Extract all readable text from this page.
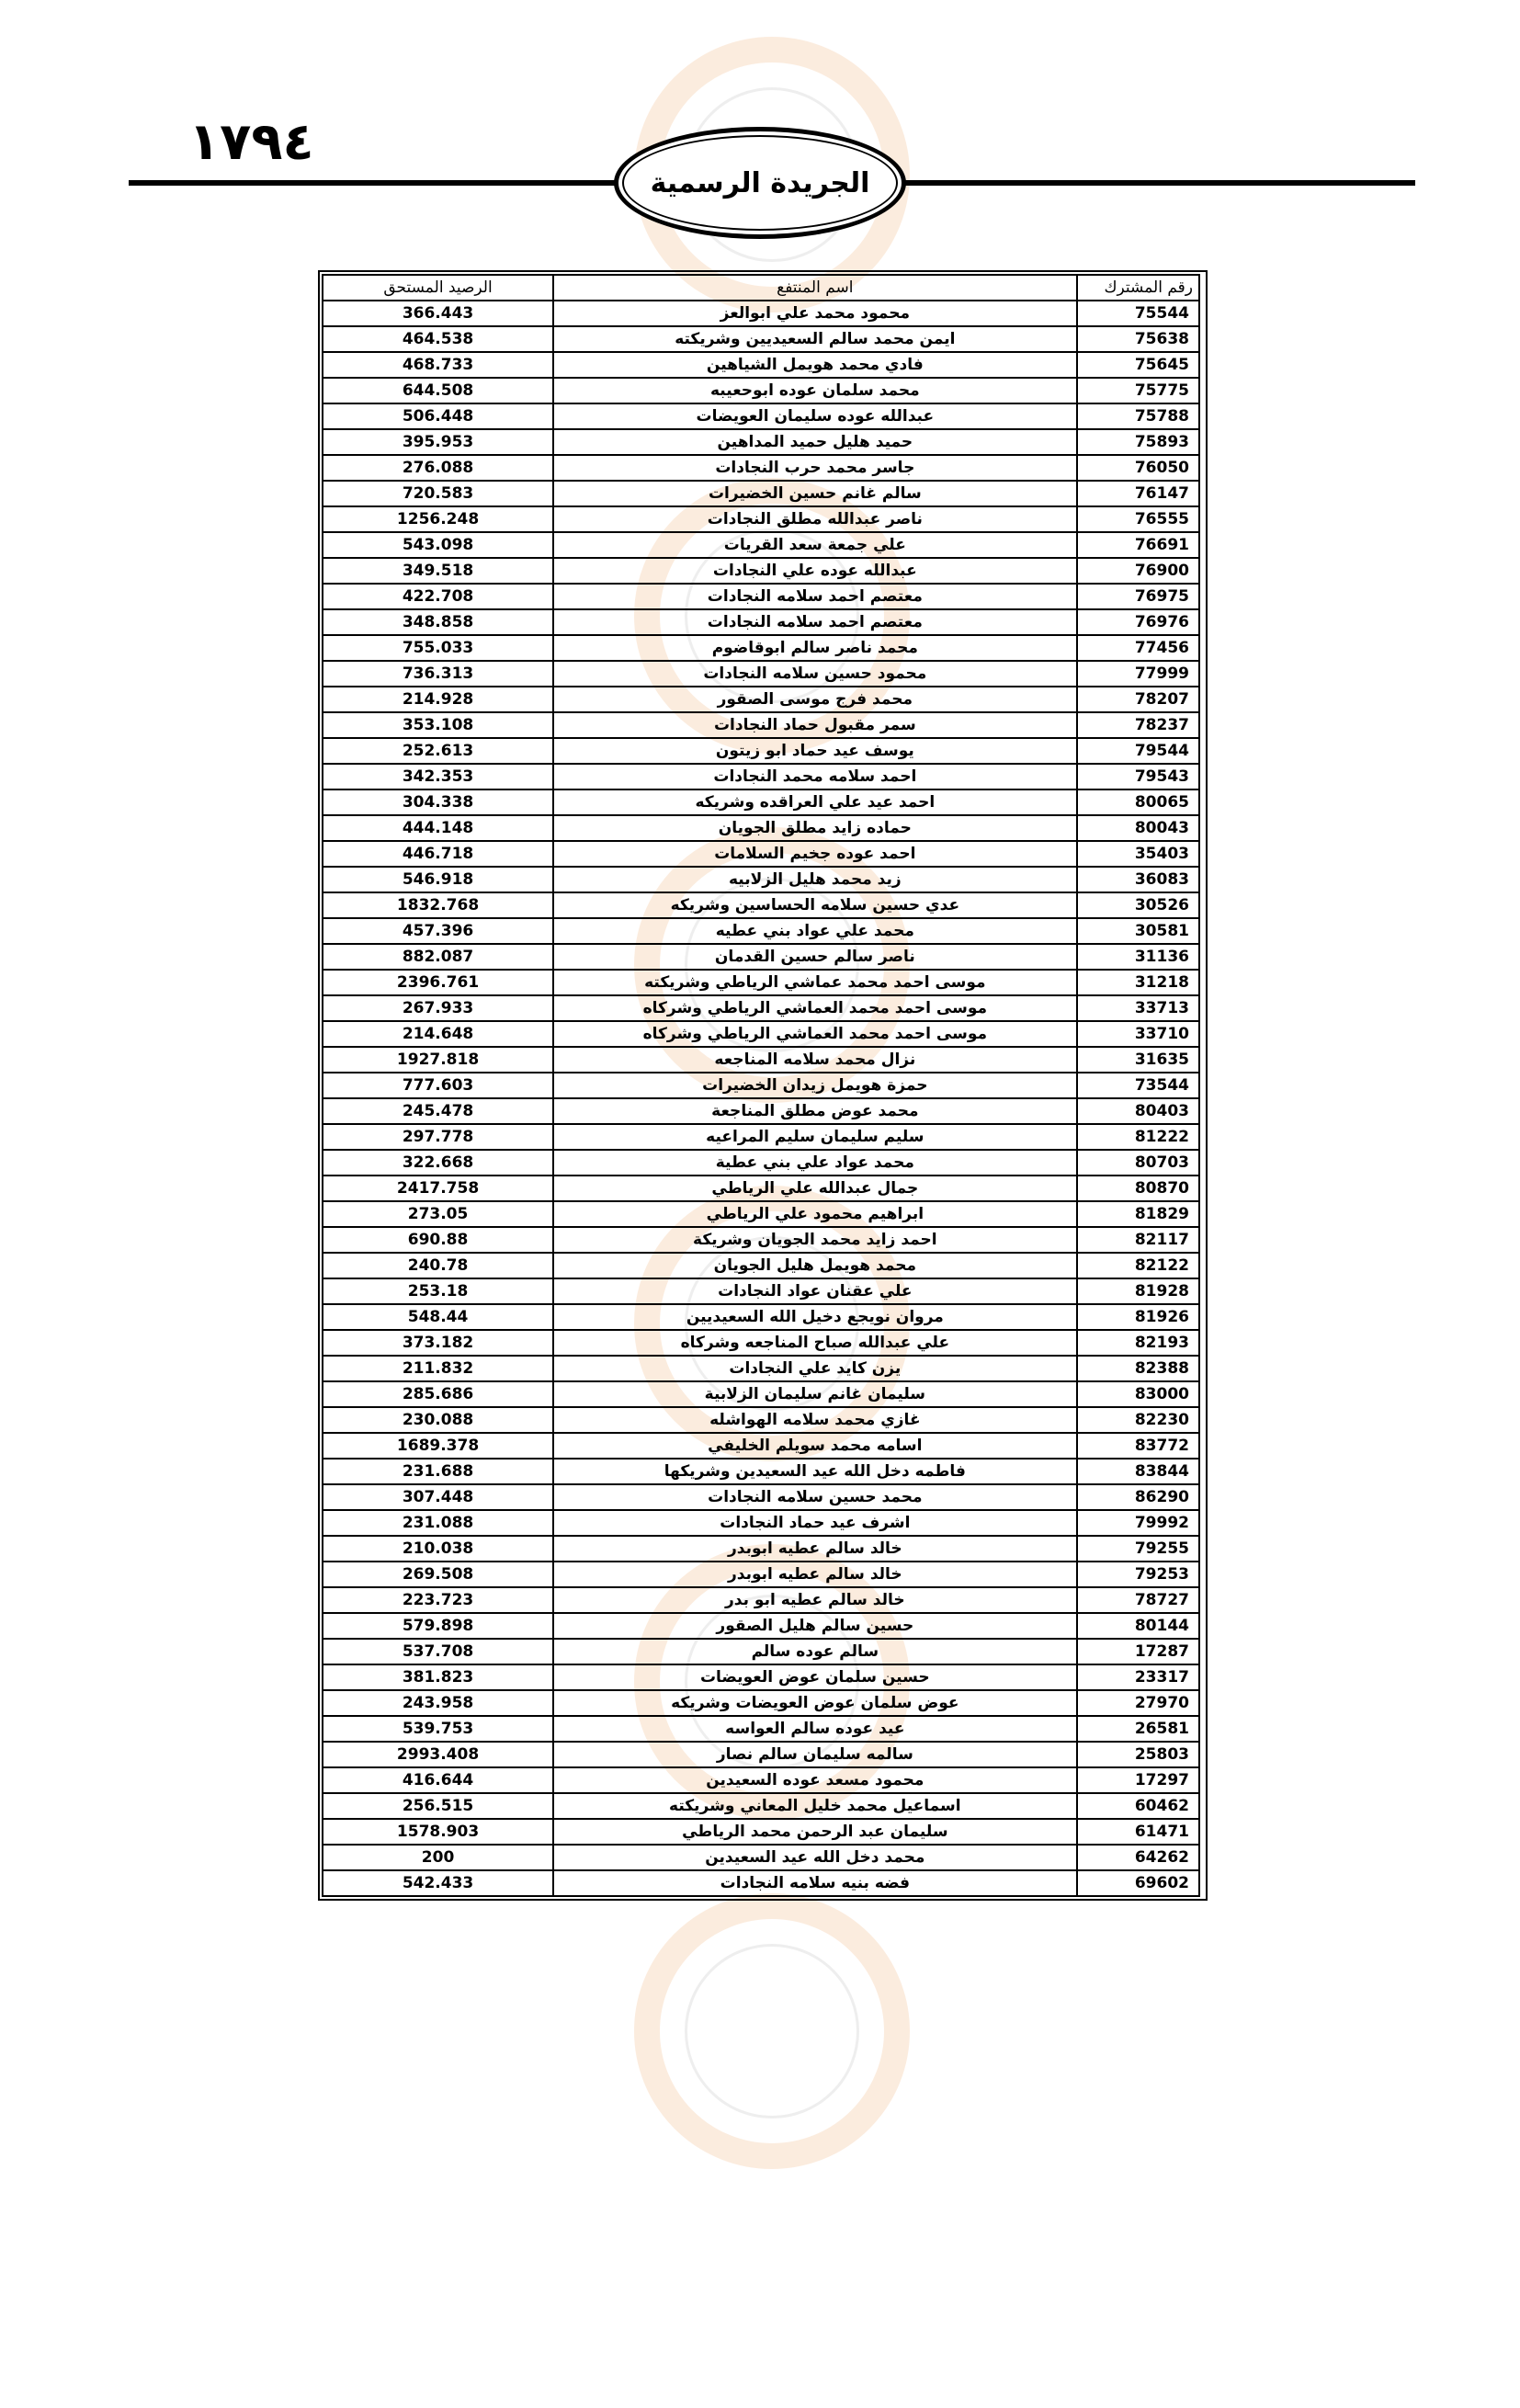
١٧٩٤
الجريدة الرسمية
رقم المشترك	اسم المنتفع	الرصيد المستحق
75544	محمود محمد علي ابوالعز	366.443
75638	ايمن محمد سالم السعيديين وشريكته	464.538
75645	فادي محمد هويمل الشياهين	468.733
75775	محمد سلمان عوده ابوحعيبه	644.508
75788	عبدالله عوده سليمان العويضات	506.448
75893	حميد هليل حميد المداهين	395.953
76050	جاسر محمد حرب النجادات	276.088
76147	سالم غانم حسين الخضيرات	720.583
76555	ناصر عبدالله مطلق النجادات	1256.248
76691	علي جمعة سعد القريات	543.098
76900	عبدالله عوده علي النجادات	349.518
76975	معتصم احمد سلامه النجادات	422.708
76976	معتصم احمد سلامه النجادات	348.858
77456	محمد ناصر سالم ابوقاضوم	755.033
77999	محمود حسين سلامه النجادات	736.313
78207	محمد فرج موسى الصقور	214.928
78237	سمر مقبول حماد النجادات	353.108
79544	يوسف عيد حماد ابو زيتون	252.613
79543	احمد سلامه محمد النجادات	342.353
80065	احمد عيد علي العراقده وشريكه	304.338
80043	حماده زايد مطلق الجويان	444.148
35403	احمد عوده جخيم السلامات	446.718
36083	زيد محمد هليل الزلابيه	546.918
30526	عدي حسين سلامه الحساسين وشريكه	1832.768
30581	محمد علي عواد بني عطيه	457.396
31136	ناصر سالم حسين القدمان	882.087
31218	موسى احمد محمد عماشي الرياطي وشريكته	2396.761
33713	موسى احمد محمد العماشي الرياطي وشركاه	267.933
33710	موسى احمد محمد العماشي الرياطي وشركاه	214.648
31635	نزال محمد سلامه المناجعه	1927.818
73544	حمزة هويمل زيدان الخضيرات	777.603
80403	محمد عوض مطلق المناجعة	245.478
81222	سليم سليمان سليم المراعيه	297.778
80703	محمد عواد علي بني عطية	322.668
80870	جمال عبدالله علي الرياطي	2417.758
81829	ابراهيم محمود علي الرياطي	273.05
82117	احمد زايد محمد الجويان وشريكة	690.88
82122	محمد هويمل هليل الجويان	240.78
81928	علي عقنان عواد النجادات	253.18
81926	مروان نويجع دخيل الله السعيديين	548.44
82193	علي عبدالله صباح المناجعه وشركاه	373.182
82388	يزن كايد علي النجادات	211.832
83000	سليمان غانم سليمان الزلابية	285.686
82230	غازي محمد سلامه الهواشله	230.088
83772	اسامه محمد سويلم الخليفي	1689.378
83844	فاطمه دخل الله عيد السعيدين وشريكها	231.688
86290	محمد حسين سلامه النجادات	307.448
79992	اشرف عيد حماد النجادات	231.088
79255	خالد سالم عطيه ابوبدر	210.038
79253	خالد سالم عطيه ابوبدر	269.508
78727	خالد سالم عطيه ابو بدر	223.723
80144	حسين سالم هليل الصقور	579.898
17287	سالم عوده سالم	537.708
23317	حسين سلمان عوض العويضات	381.823
27970	عوض سلمان عوض العويضات وشريكه	243.958
26581	عيد عوده سالم العواسه	539.753
25803	سالمه سليمان سالم نصار	2993.408
17297	محمود مسعد عوده السعيدين	416.644
60462	اسماعيل محمد خليل المعاني وشريكته	256.515
61471	سليمان عبد الرحمن محمد الرياطي	1578.903
64262	محمد دخل الله عيد السعيدين	200
69602	فضه بنيه سلامه النجادات	542.433
